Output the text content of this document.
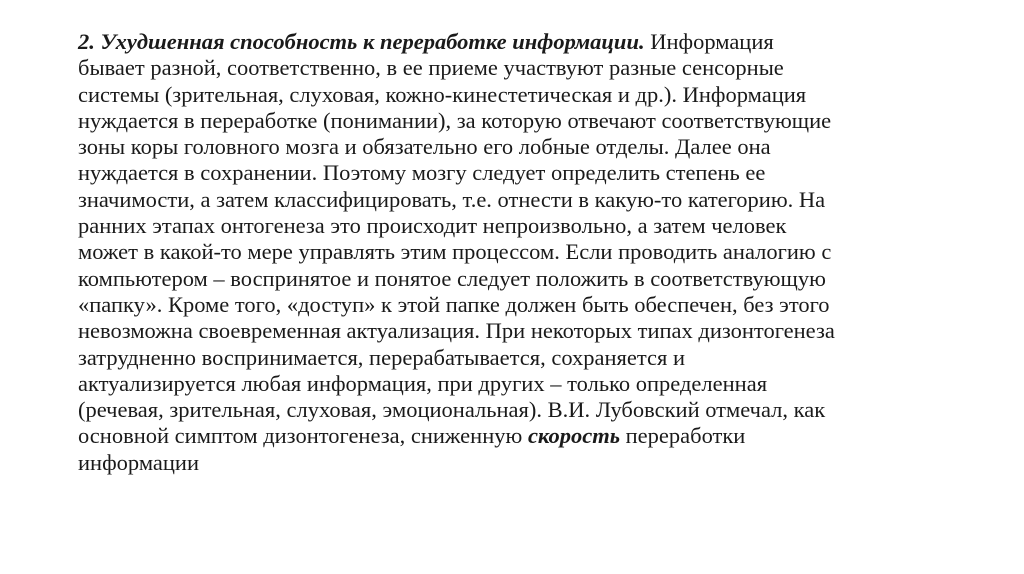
2. Ухудшенная способность к переработке информации. Информация
бывает разной, соответственно, в ее приеме участвуют разные сенсорные
системы (зрительная, слуховая, кожно-кинестетическая и др.). Информация
нуждается в переработке (понимании), за которую отвечают соответствующие
зоны коры головного мозга и обязательно его лобные отделы. Далее она
нуждается в сохранении. Поэтому мозгу следует определить степень ее
значимости, а затем классифицировать, т.е. отнести в какую-то категорию. На
ранних этапах онтогенеза это происходит непроизвольно, а затем человек
может в какой-то мере управлять этим процессом. Если проводить аналогию с
компьютером – воспринятое и понятое следует положить в соответствующую
«папку». Кроме того, «доступ» к этой папке должен быть обеспечен, без этого
невозможна своевременная актуализация. При некоторых типах дизонтогенеза
затрудненно воспринимается, перерабатывается, сохраняется и
актуализируется любая информация, при других – только определенная
(речевая, зрительная, слуховая, эмоциональная). В.И. Лубовский отмечал, как
основной симптом дизонтогенеза, сниженную скорость переработки
информации
